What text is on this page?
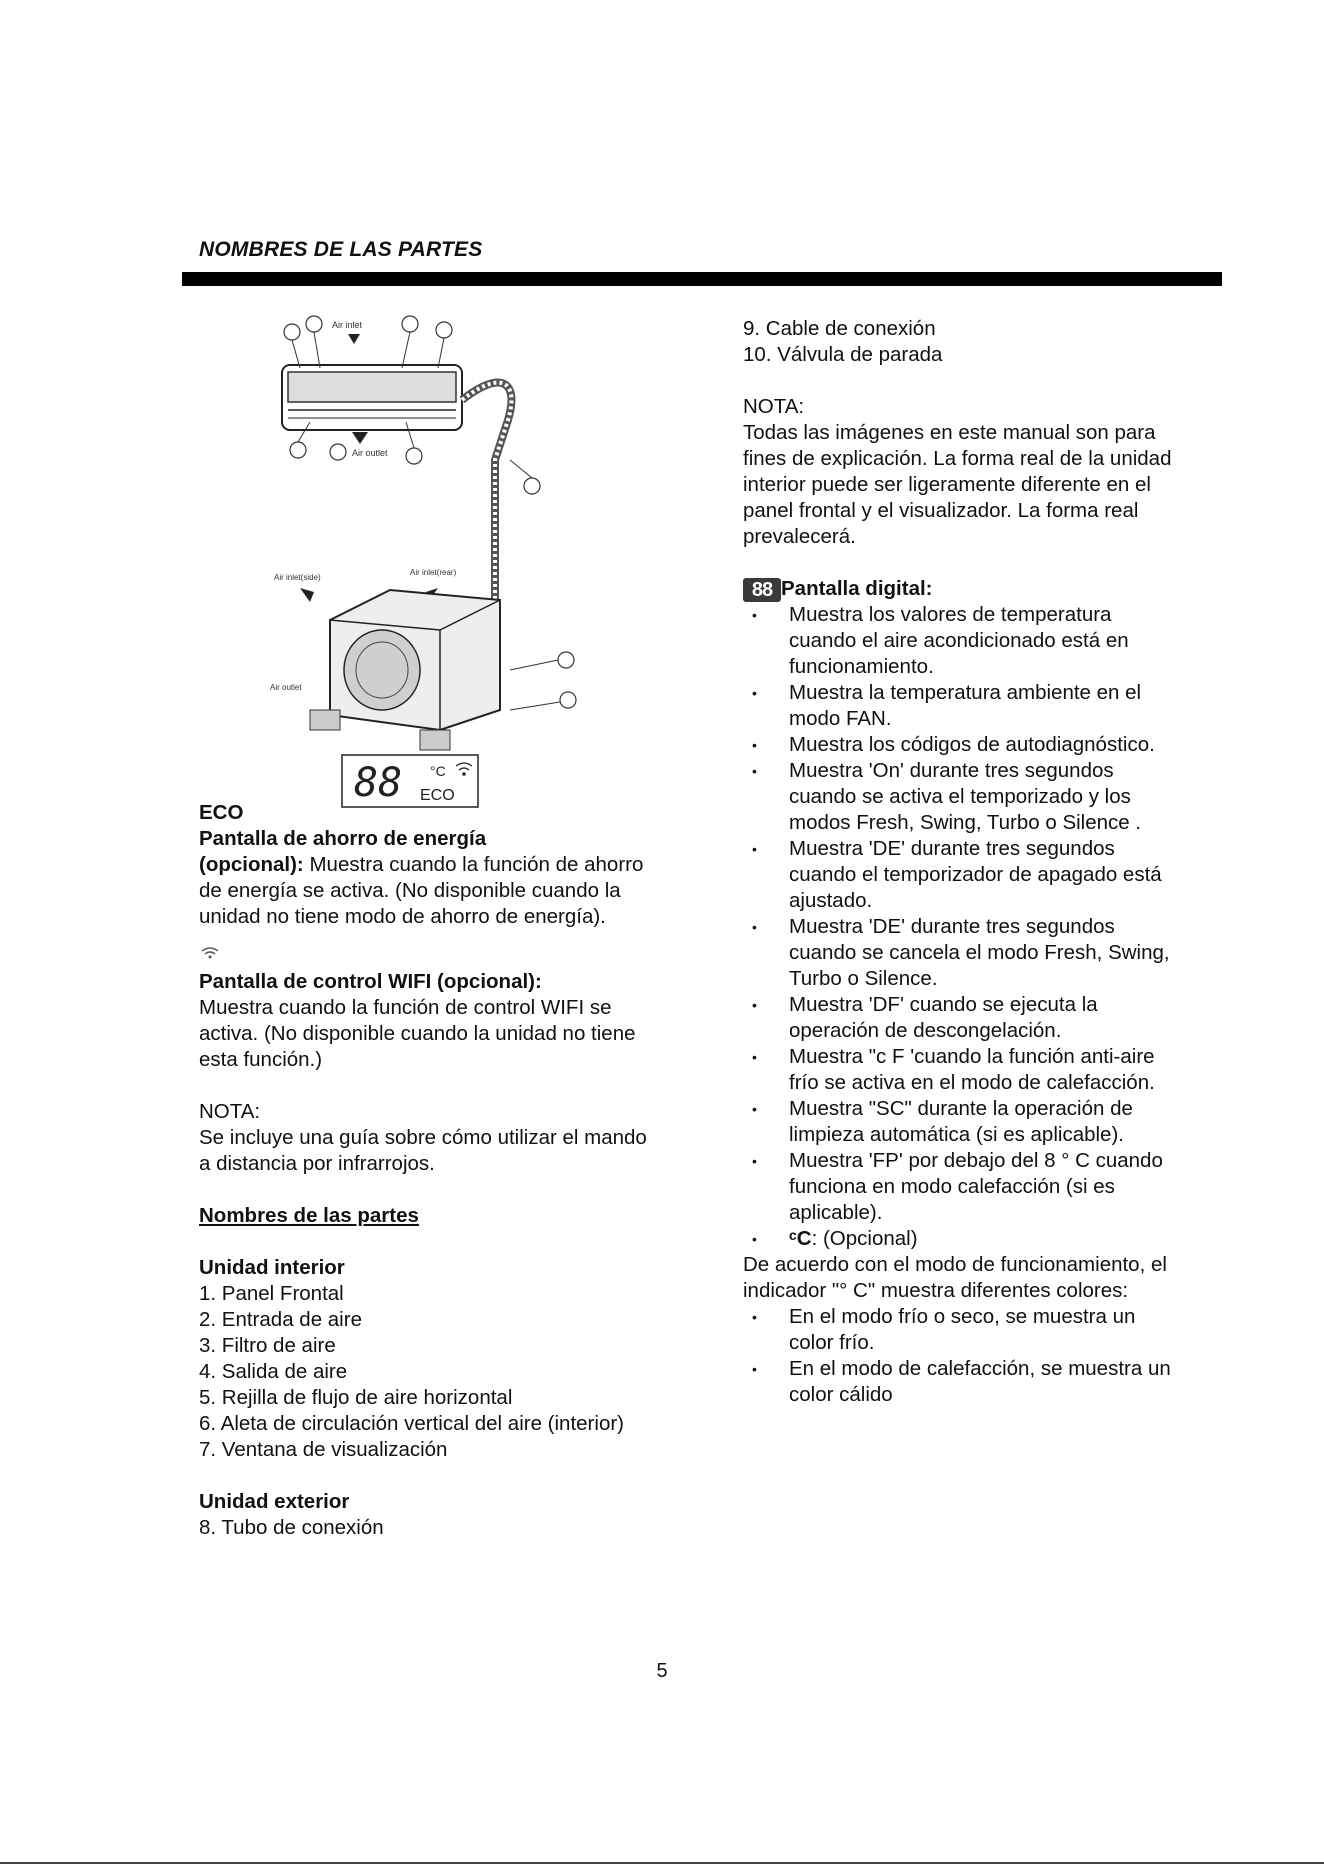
NOMBRES DE LAS PARTES
Air inlet
Air outlet
Air inlet(side)
Air inlet(rear)
Air outlet
88 °C
ECO

ECO

Pantalla de ahorro de energía
(opcional): Muestra cuando la función de ahorro de energía se activa. (No disponible cuando la unidad no tiene modo de ahorro de energía).

Pantalla de control WIFI (opcional):

Muestra cuando la función de control WIFI se activa. (No disponible cuando la unidad no tiene esta función.)

NOTA:

Se incluye una guía sobre cómo utilizar el mando a distancia por infrarrojos.

Nombres de las partes

Unidad interior

1. Panel Frontal

2. Entrada de aire

3. Filtro de aire

4. Salida de aire

5. Rejilla de flujo de aire horizontal

6. Aleta de circulación vertical del aire (interior)

7. Ventana de visualización

Unidad exterior

8. Tubo de conexión

9. Cable de conexión

10. Válvula de parada

NOTA:

Todas las imágenes en este manual son para fines de explicación. La forma real de la unidad interior puede ser ligeramente diferente en el panel frontal y el visualizador. La forma real prevalecerá.

88 Pantalla digital:

• Muestra los valores de temperatura cuando el aire acondicionado está en funcionamiento.
• Muestra la temperatura ambiente en el modo FAN.
• Muestra los códigos de autodiagnóstico.
• Muestra 'On' durante tres segundos cuando se activa el temporizado y los modos Fresh, Swing, Turbo o Silence .
• Muestra 'DE' durante tres segundos cuando el temporizador de apagado está ajustado.
• Muestra 'DE' durante tres segundos cuando se cancela el modo Fresh, Swing, Turbo o Silence.
• Muestra 'DF' cuando se ejecuta la operación de descongelación.
• Muestra "c F 'cuando la función anti-aire frío se activa en el modo de calefacción.
• Muestra "SC" durante la operación de limpieza automática (si es aplicable).
• Muestra 'FP' por debajo del 8 ° C cuando funciona en modo calefacción (si es aplicable).
• ᶜC: (Opcional)

De acuerdo con el modo de funcionamiento, el indicador "° C" muestra diferentes colores:

• En el modo frío o seco, se muestra un color frío.
• En el modo de calefacción, se muestra un color cálido
5
